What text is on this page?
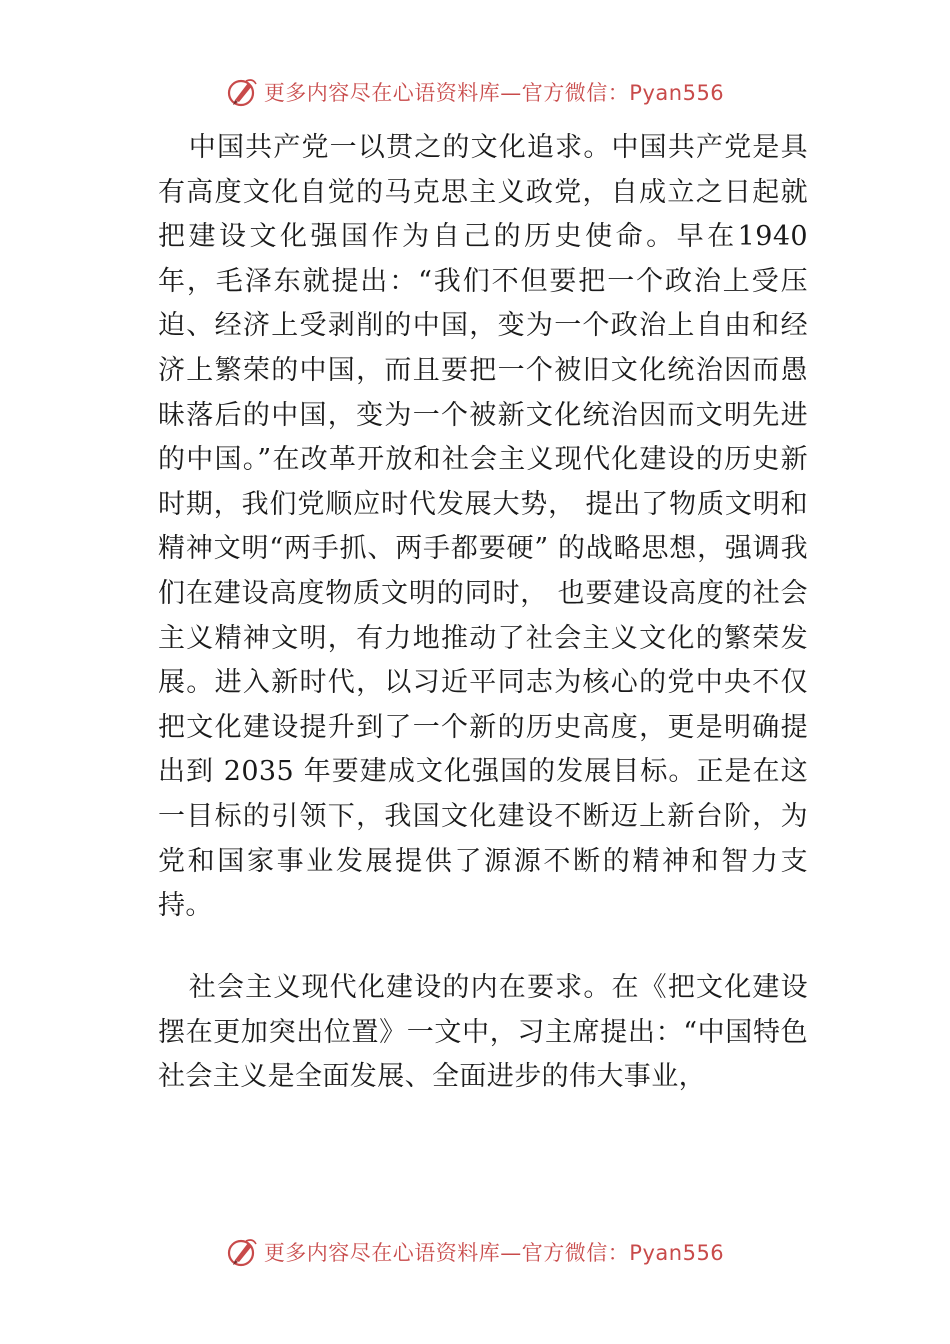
更多内容尽在心语资料库—官方微信：Pyan556

中国共产党一以贯之的文化追求。中国共产党是具有高度文化自觉的马克思主义政党，自成立之日起就把建设文化强国作为自己的历史使命。早在1940 年，毛泽东就提出：“我们不但要把一个政治上受压迫、经济上受剥削的中国，变为一个政治上自由和经济上繁荣的中国，而且要把一个被旧文化统治因而愚昧落后的中国，变为一个被新文化统治因而文明先进的中国。”在改革开放和社会主义现代化建设的历史新时期，我们党顺应时代发展大势， 提出了物质文明和精神文明“两手抓、两手都要硬” 的战略思想，强调我们在建设高度物质文明的同时， 也要建设高度的社会主义精神文明，有力地推动了社会主义文化的繁荣发展。进入新时代，以习近平同志为核心的党中央不仅把文化建设提升到了一个新的历史高度，更是明确提出到 2035 年要建成文化强国的发展目标。正是在这一目标的引领下，我国文化建设不断迈上新台阶，为党和国家事业发展提供了源源不断的精神和智力支持。

社会主义现代化建设的内在要求。在《把文化建设摆在更加突出位置》一文中，习主席提出：“中国特色社会主义是全面发展、全面进步的伟大事业，

更多内容尽在心语资料库—官方微信：Pyan556
